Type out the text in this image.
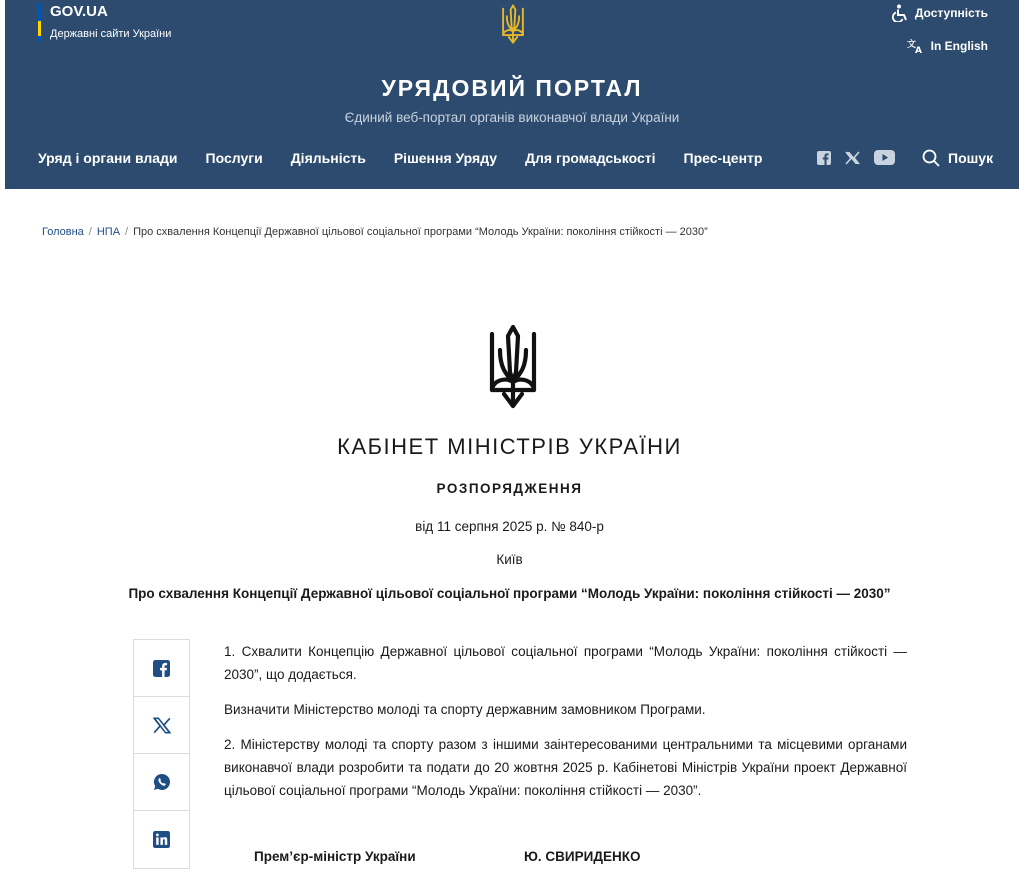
GOV.UA
Державні сайти України
Доступність
文
A In English
УРЯДОВИЙ ПОРТАЛ
Єдиний веб-портал органів виконавчої влади України
Уряд і органи влади Послуги Діяльність Рішення Уряду Для громадськості Прес-центр	Пошук
Головна / НПА / Про схвалення Концепції Державної цільової соціальної програми “Молодь України: покоління стійкості — 2030”
КАБІНЕТ МІНІСТРІВ УКРАЇНИ
РОЗПОРЯДЖЕННЯ
від 11 серпня 2025 р. № 840-р
Київ
Про схвалення Концепції Державної цільової соціальної програми “Молодь України: покоління стійкості — 2030”

1. Схвалити Концепцію Державної цільової соціальної програми “Молодь України: покоління стійкості — 2030”, що додається.

Визначити Міністерство молоді та спорту державним замовником Програми.

2. Міністерству молоді та спорту разом з іншими заінтересованими центральними та місцевими органами виконавчої влади розробити та подати до 20 жовтня 2025 р. Кабінетові Міністрів України проект Державної цільової соціальної програми “Молодь України: покоління стійкості — 2030”.

Прем’єр-міністр України	Ю. СВИРИДЕНКО
